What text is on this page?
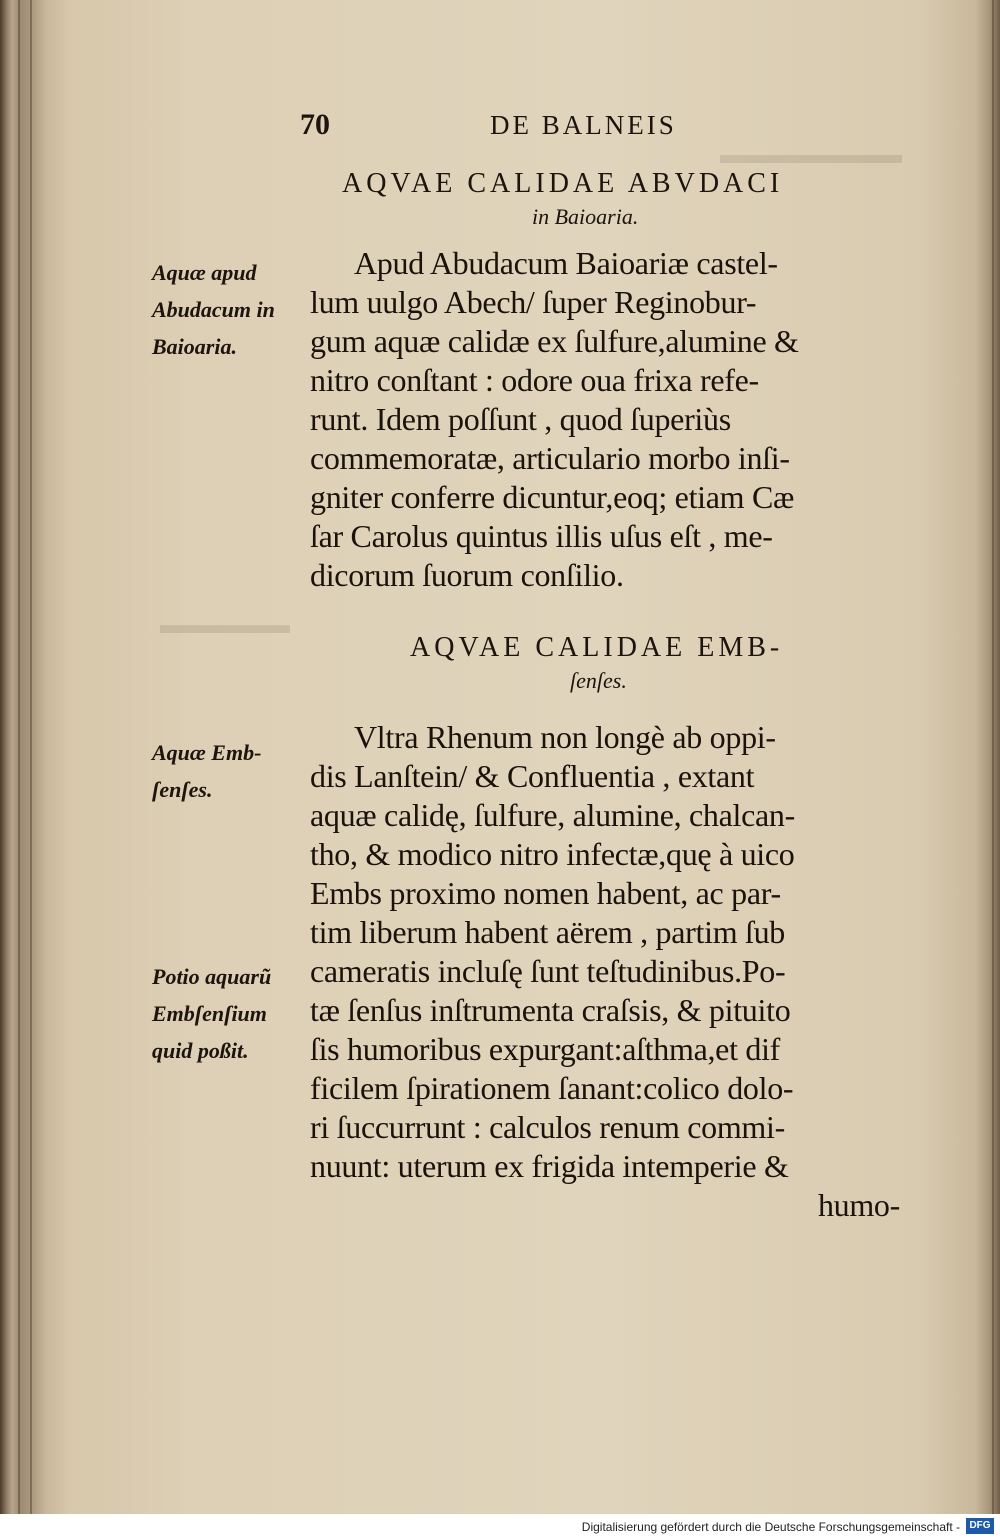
▬▬▬▬▬▬▬
▬▬▬▬▬
70	DE BALNEIS
AQVAE CALIDAE ABVDACI
in Baioaria.
Aquæ apud
Abudacum in
Baioaria.
Apud Abudacum Baioariæ castel-
lum uulgo Abech/ ſuper Reginobur-
gum aquæ calidæ ex ſulfure,alumine &
nitro conſtant : odore oua frixa refe-
runt. Idem poſſunt , quod ſuperiùs
commemoratæ, articulario morbo inſi-
gniter conferre dicuntur,eoq; etiam Cæ
ſar Carolus quintus illis uſus eſt , me-
dicorum ſuorum conſilio.
AQVAE CALIDAE EMB-
ſenſes.
Aquæ Emb-
ſenſes.
Potio aquarũ
Embſenſium
quid poßit.
Vltra Rhenum non longè ab oppi-
dis Lanſtein/ & Confluentia , extant
aquæ calidę, ſulfure, alumine, chalcan-
tho, & modico nitro infectæ,quę à uico
Embs proximo nomen habent, ac par-
tim liberum habent aërem , partim ſub
cameratis incluſę ſunt teſtudinibus.Po-
tæ ſenſus inſtrumenta craſsis, & pituito
ſis humoribus expurgant:aſthma,et dif
ficilem ſpirationem ſanant:colico dolo-
ri ſuccurrunt : calculos renum commi-
nuunt: uterum ex frigida intemperie &
humo-
Digitalisierung gefördert durch die Deutsche Forschungsgemeinschaft - DFG
